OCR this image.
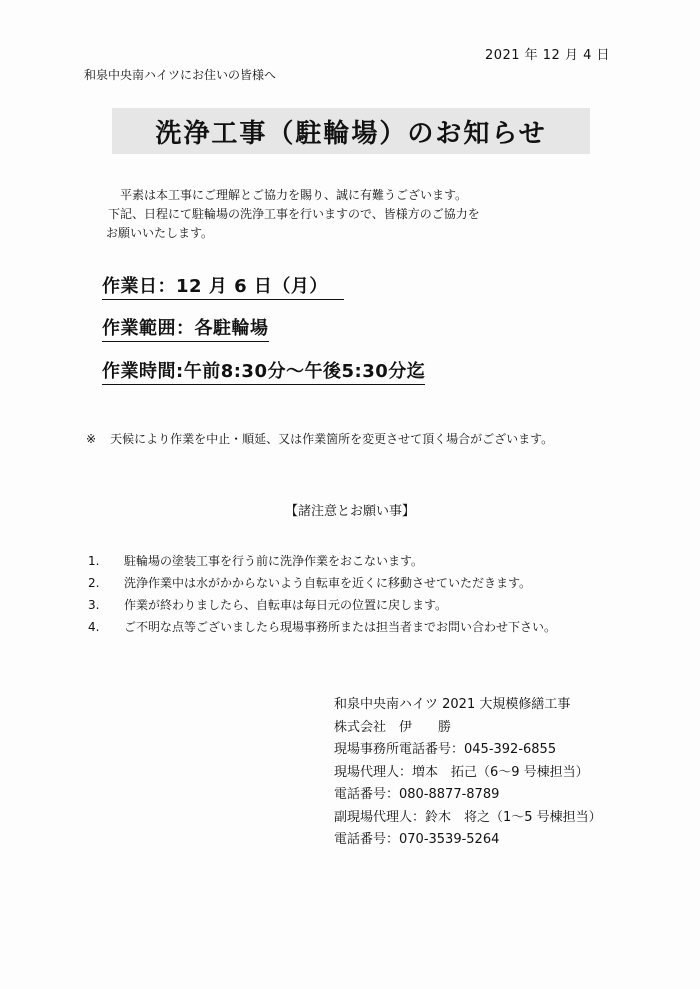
2021 年 12 月 4 日
和泉中央南ハイツにお住いの皆様へ
洗浄工事（駐輪場）のお知らせ
平素は本工事にご理解とご協力を賜り、誠に有難うございます。
下記、日程にて駐輪場の洗浄工事を行いますので、皆様方のご協力を
お願いいたします。
作業日：12 月 6 日（月）
作業範囲：各駐輪場
作業時間:午前8:30分～午後5:30分迄
※ 天候により作業を中止・順延、又は作業箇所を変更させて頂く場合がございます。
【諸注意とお願い事】
1.	駐輪場の塗装工事を行う前に洗浄作業をおこないます。
2.	洗浄作業中は水がかからないよう自転車を近くに移動させていただきます。
3.	作業が終わりましたら、自転車は毎日元の位置に戻します。
4.	ご不明な点等ございましたら現場事務所または担当者までお問い合わせ下さい。
和泉中央南ハイツ 2021 大規模修繕工事
株式会社　伊　　勝
現場事務所電話番号：045-392-6855
現場代理人：増本　拓己（6～9 号棟担当）
電話番号：080-8877-8789
副現場代理人：鈴木　将之（1～5 号棟担当）
電話番号：070-3539-5264
